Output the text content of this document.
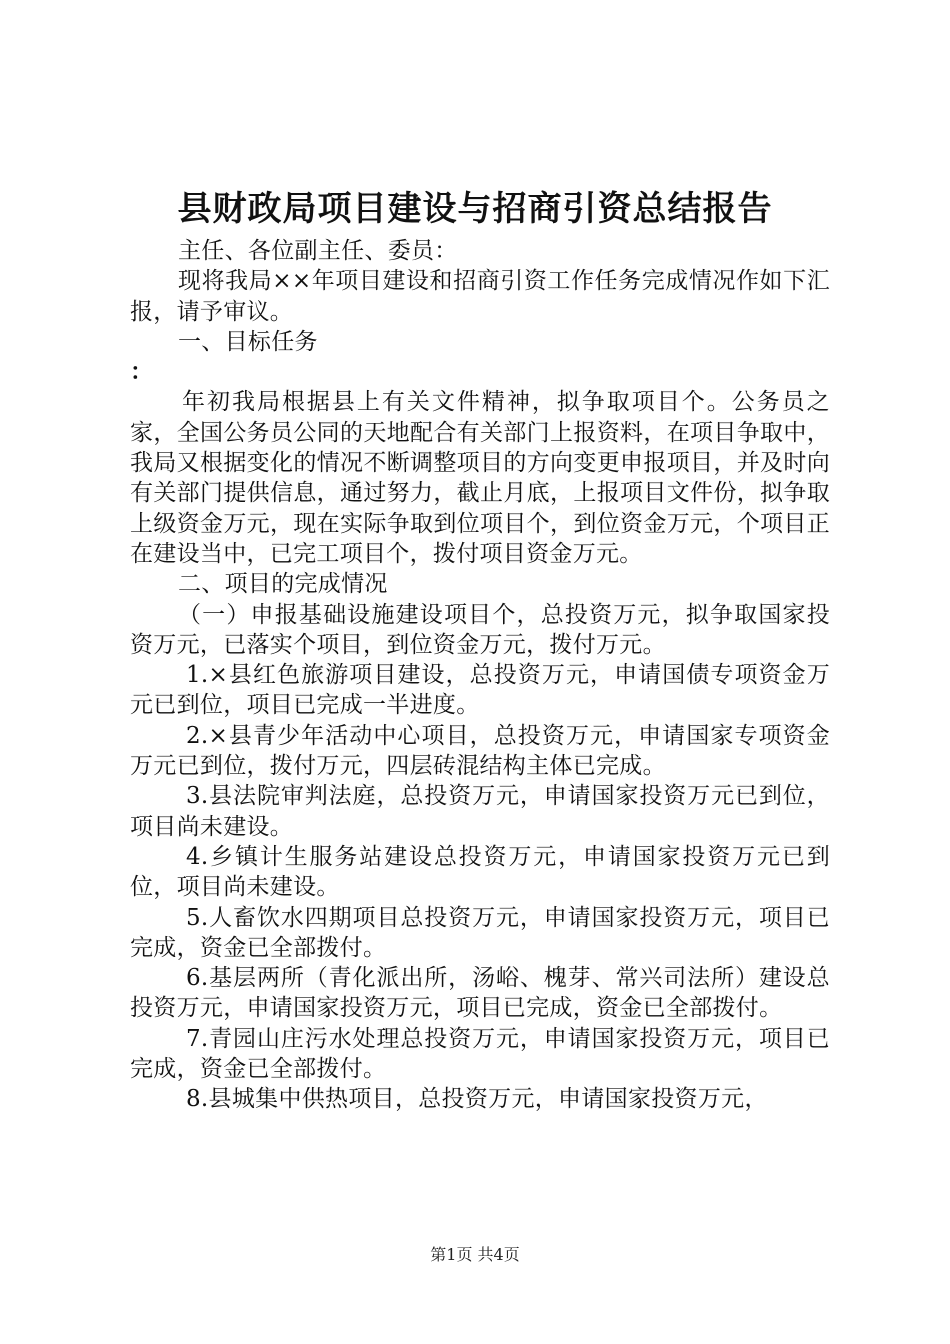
县财政局项目建设与招商引资总结报告

主任、各位副主任、委员：

现将我局××年项目建设和招商引资工作任务完成情况作如下汇报，请予审议。

一、目标任务

：

年初我局根据县上有关文件精神，拟争取项目个。公务员之家，全国公务员公同的天地配合有关部门上报资料，在项目争取中，我局又根据变化的情况不断调整项目的方向变更申报项目，并及时向有关部门提供信息，通过努力，截止月底，上报项目文件份，拟争取上级资金万元，现在实际争取到位项目个，到位资金万元，个项目正在建设当中，已完工项目个，拨付项目资金万元。

二、项目的完成情况

（一）申报基础设施建设项目个，总投资万元，拟争取国家投资万元，已落实个项目，到位资金万元，拨付万元。

1.×县红色旅游项目建设，总投资万元，申请国债专项资金万元已到位，项目已完成一半进度。

2.×县青少年活动中心项目，总投资万元，申请国家专项资金万元已到位，拨付万元，四层砖混结构主体已完成。

3.县法院审判法庭，总投资万元，申请国家投资万元已到位，项目尚未建设。

4.乡镇计生服务站建设总投资万元，申请国家投资万元已到位，项目尚未建设。

5.人畜饮水四期项目总投资万元，申请国家投资万元，项目已完成，资金已全部拨付。

6.基层两所（青化派出所，汤峪、槐芽、常兴司法所）建设总投资万元，申请国家投资万元，项目已完成，资金已全部拨付。

7.青园山庄污水处理总投资万元，申请国家投资万元，项目已完成，资金已全部拨付。

8.县城集中供热项目，总投资万元，申请国家投资万元，

第1页 共4页
